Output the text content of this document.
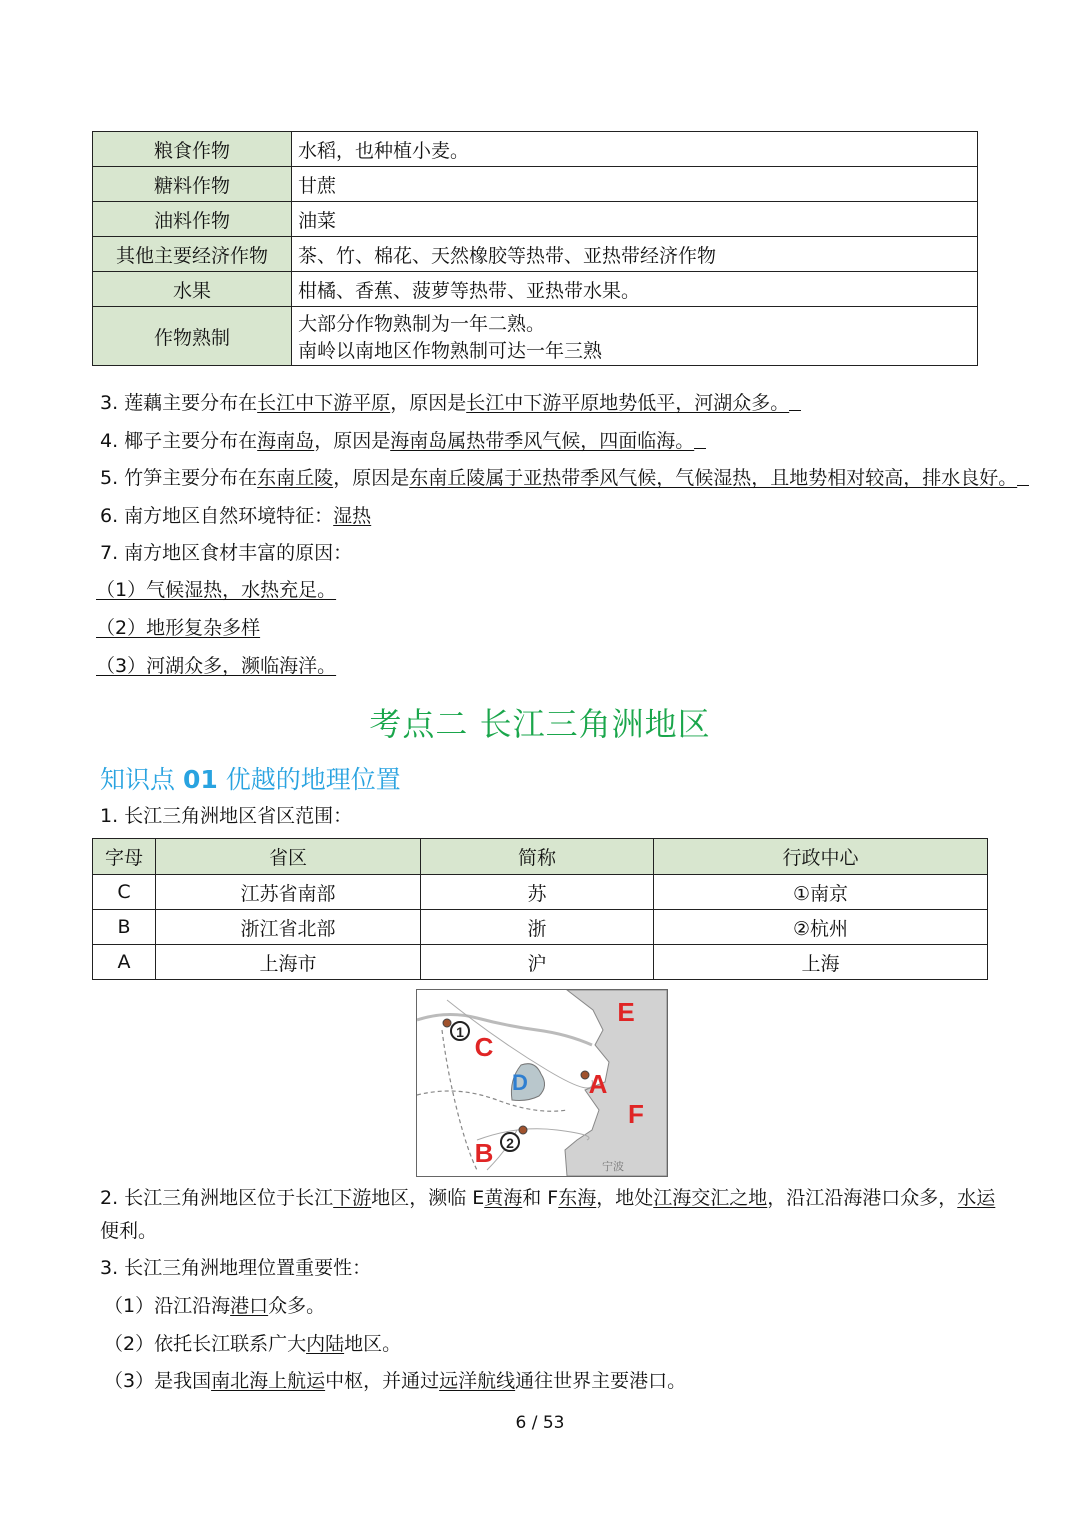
粮食作物	水稻，也种植小麦。
糖料作物	甘蔗
油料作物	油菜
其他主要经济作物	茶、竹、棉花、天然橡胶等热带、亚热带经济作物
水果	柑橘、香蕉、菠萝等热带、亚热带水果。
作物熟制	大部分作物熟制为一年二熟。
南岭以南地区作物熟制可达一年三熟
3. 莲藕主要分布在长江中下游平原，原因是长江中下游平原地势低平，河湖众多。
4. 椰子主要分布在海南岛，原因是海南岛属热带季风气候，四面临海。
5. 竹笋主要分布在东南丘陵，原因是东南丘陵属于亚热带季风气候，气候湿热，且地势相对较高，排水良好。
6. 南方地区自然环境特征：湿热
7. 南方地区食材丰富的原因：
（1）气候湿热，水热充足。
（2）地形复杂多样
（3）河湖众多，濒临海洋。
考点二 长江三角洲地区
知识点 01 优越的地理位置
1. 长江三角洲地区省区范围：
字母	省区	简称	行政中心
C	江苏省南部	苏	①南京
B	浙江省北部	浙	②杭州
A	上海市	沪	上海
1
2
E
C
D A
F
B	宁波
2. 长江三角洲地区位于长江下游地区，濒临 E黄海和 F东海，地处江海交汇之地，沿江沿海港口众多，水运
便利。
3. 长江三角洲地理位置重要性：
（1）沿江沿海港口众多。
（2）依托长江联系广大内陆地区。
（3）是我国南北海上航运中枢，并通过远洋航线通往世界主要港口。
6 / 53
